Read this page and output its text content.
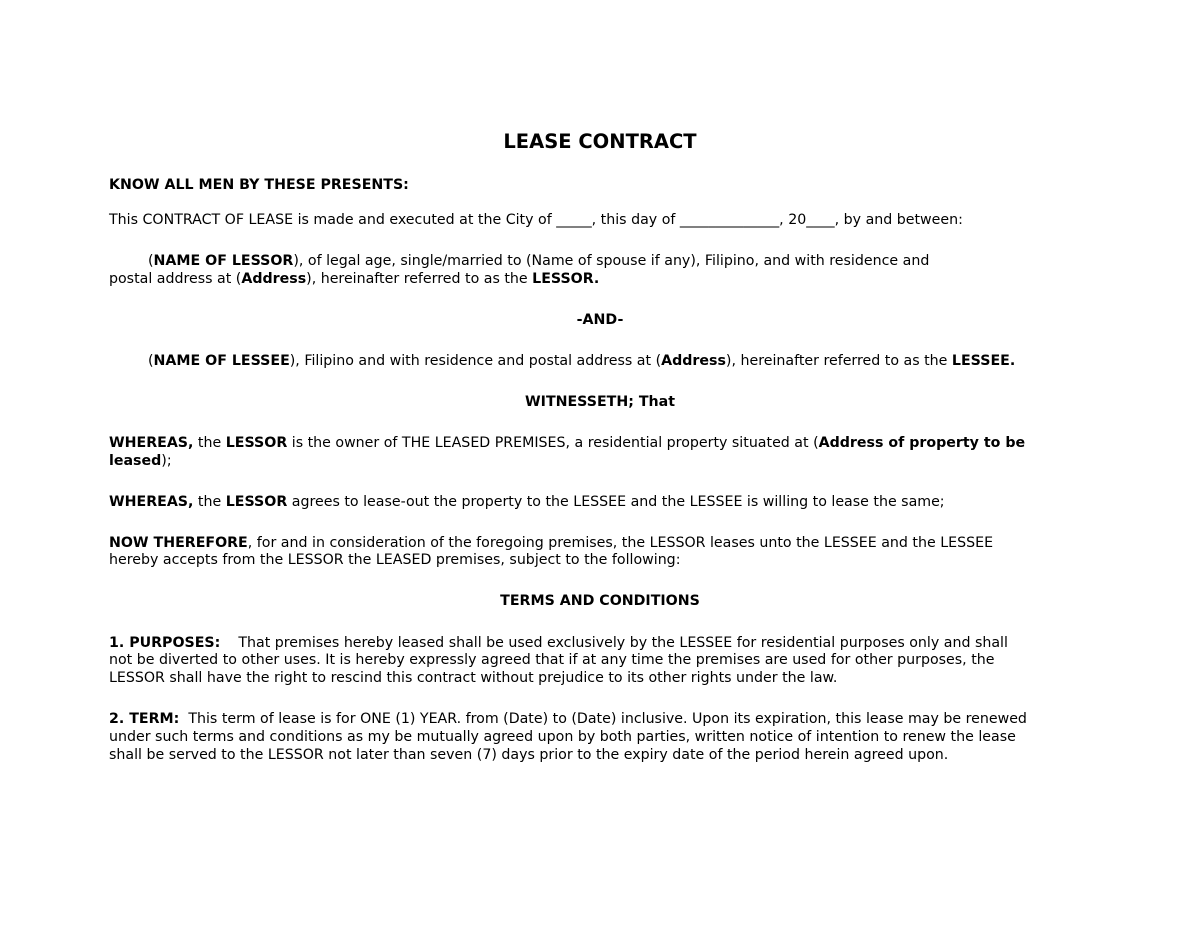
LEASE CONTRACT
KNOW ALL MEN BY THESE PRESENTS:
This CONTRACT OF LEASE is made and executed at the City of _____, this day of ______________, 20____, by and between:
(NAME OF LESSOR), of legal age, single/married to (Name of spouse if any), Filipino, and with residence and
postal address at (Address), hereinafter referred to as the LESSOR.
-AND-
(NAME OF LESSEE), Filipino and with residence and postal address at (Address), hereinafter referred to as the LESSEE.
WITNESSETH; That
WHEREAS, the LESSOR is the owner of THE LEASED PREMISES, a residential property situated at (Address of property to be
leased);
WHEREAS, the LESSOR agrees to lease-out the property to the LESSEE and the LESSEE is willing to lease the same;
NOW THEREFORE, for and in consideration of the foregoing premises, the LESSOR leases unto the LESSEE and the LESSEE
hereby accepts from the LESSOR the LEASED premises, subject to the following:
TERMS AND CONDITIONS
1. PURPOSES:    That premises hereby leased shall be used exclusively by the LESSEE for residential purposes only and shall
not be diverted to other uses. It is hereby expressly agreed that if at any time the premises are used for other purposes, the
LESSOR shall have the right to rescind this contract without prejudice to its other rights under the law.
2. TERM:  This term of lease is for ONE (1) YEAR. from (Date) to (Date) inclusive. Upon its expiration, this lease may be renewed
under such terms and conditions as my be mutually agreed upon by both parties, written notice of intention to renew the lease
shall be served to the LESSOR not later than seven (7) days prior to the expiry date of the period herein agreed upon.
